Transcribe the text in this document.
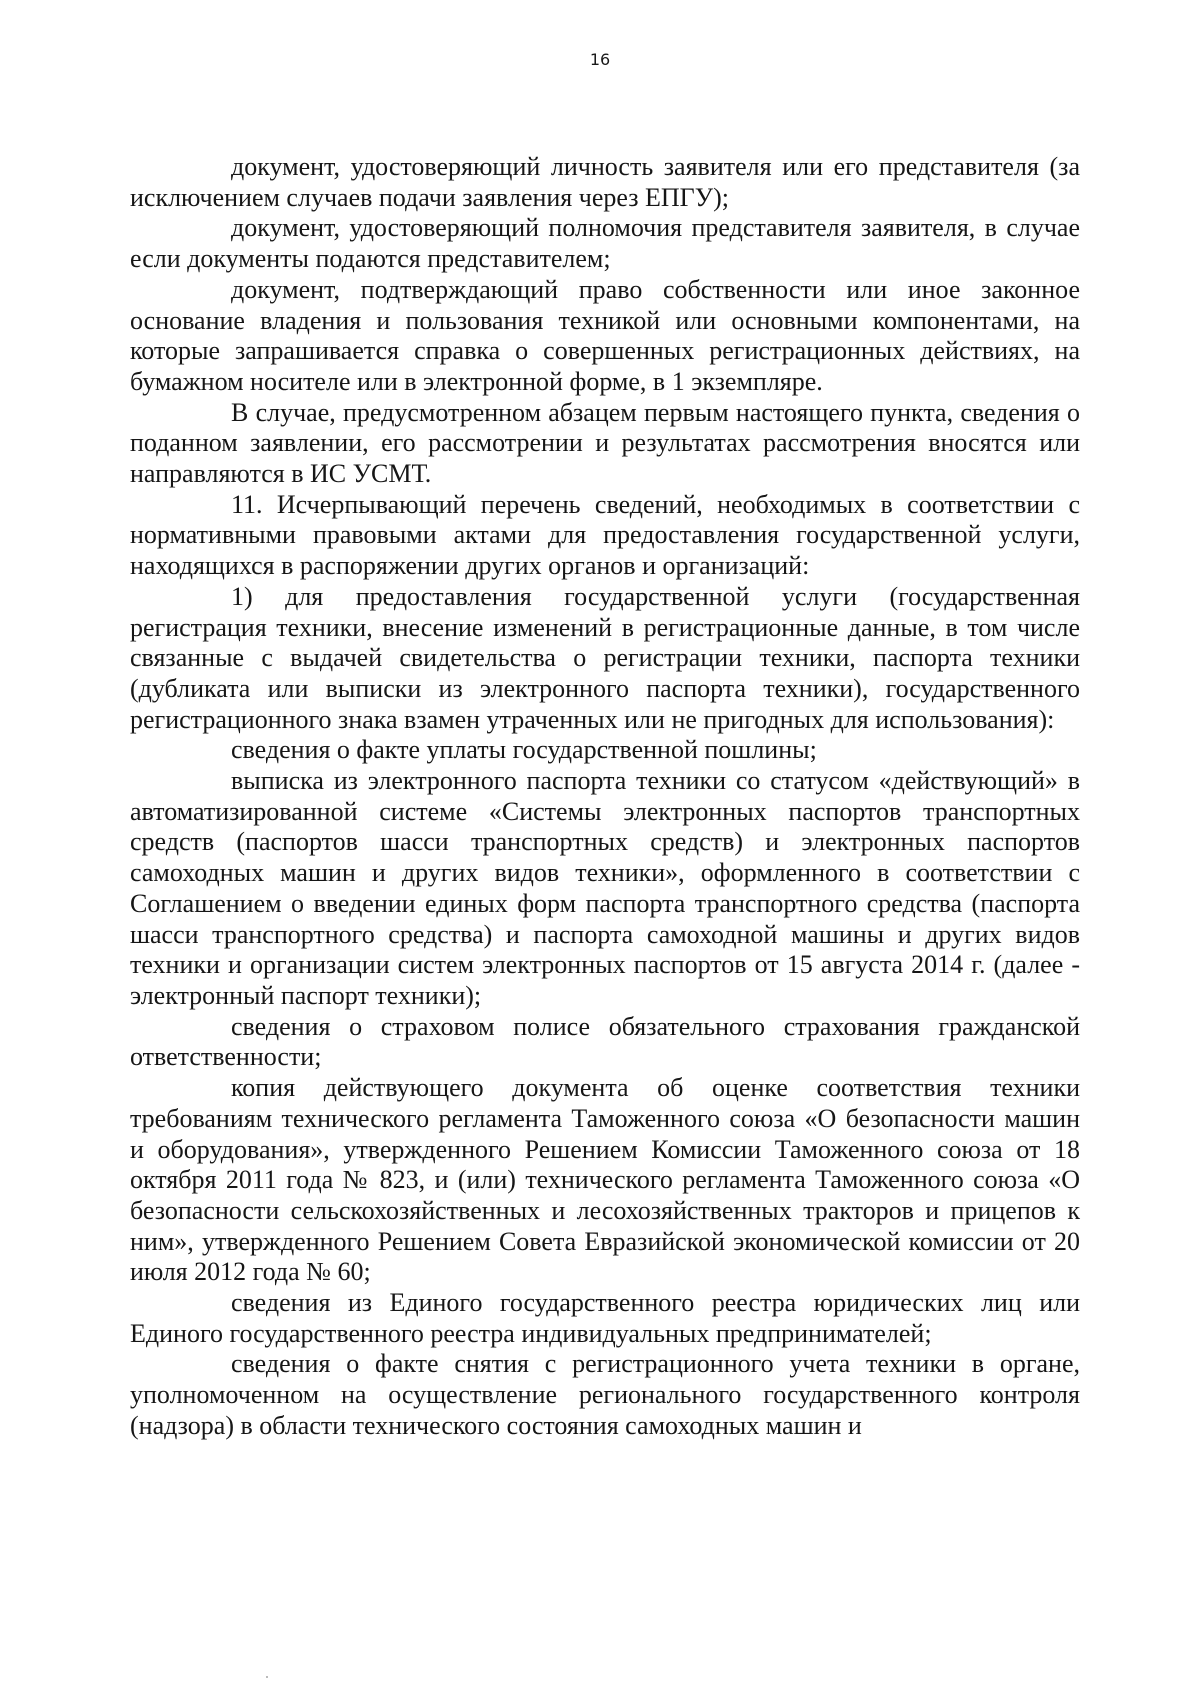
16

документ, удостоверяющий личность заявителя или его представителя (за исключением случаев подачи заявления через ЕПГУ);

документ, удостоверяющий полномочия представителя заявителя, в случае если документы подаются представителем;

документ, подтверждающий право собственности или иное законное основание владения и пользования техникой или основными компонентами, на которые запрашивается справка о совершенных регистрационных действиях, на бумажном носителе или в электронной форме, в 1 экземпляре.

В случае, предусмотренном абзацем первым настоящего пункта, сведения о поданном заявлении, его рассмотрении и результатах рассмотрения вносятся или направляются в ИС УСМТ.

11. Исчерпывающий перечень сведений, необходимых в соответствии с нормативными правовыми актами для предоставления государственной услуги, находящихся в распоряжении других органов и организаций:

1) для предоставления государственной услуги (государственная регистрация техники, внесение изменений в регистрационные данные, в том числе связанные с выдачей свидетельства о регистрации техники, паспорта техники (дубликата или выписки из электронного паспорта техники), государственного регистрационного знака взамен утраченных или не пригодных для использования):

сведения о факте уплаты государственной пошлины;

выписка из электронного паспорта техники со статусом «действующий» в автоматизированной системе «Системы электронных паспортов транспортных средств (паспортов шасси транспортных средств) и электронных паспортов самоходных машин и других видов техники», оформленного в соответствии с Соглашением о введении единых форм паспорта транспортного средства (паспорта шасси транспортного средства) и паспорта самоходной машины и других видов техники и организации систем электронных паспортов от 15 августа 2014 г. (далее - электронный паспорт техники);

сведения о страховом полисе обязательного страхования гражданской ответственности;

копия действующего документа об оценке соответствия техники требованиям технического регламента Таможенного союза «О безопасности машин и оборудования», утвержденного Решением Комиссии Таможенного союза от 18 октября 2011 года № 823, и (или) технического регламента Таможенного союза «О безопасности сельскохозяйственных и лесохозяйственных тракторов и прицепов к ним», утвержденного Решением Совета Евразийской экономической комиссии от 20 июля 2012 года № 60;

сведения из Единого государственного реестра юридических лиц или Единого государственного реестра индивидуальных предпринимателей;

сведения о факте снятия с регистрационного учета техники в органе, уполномоченном на осуществление регионального государственного контроля (надзора) в области технического состояния самоходных машин и
